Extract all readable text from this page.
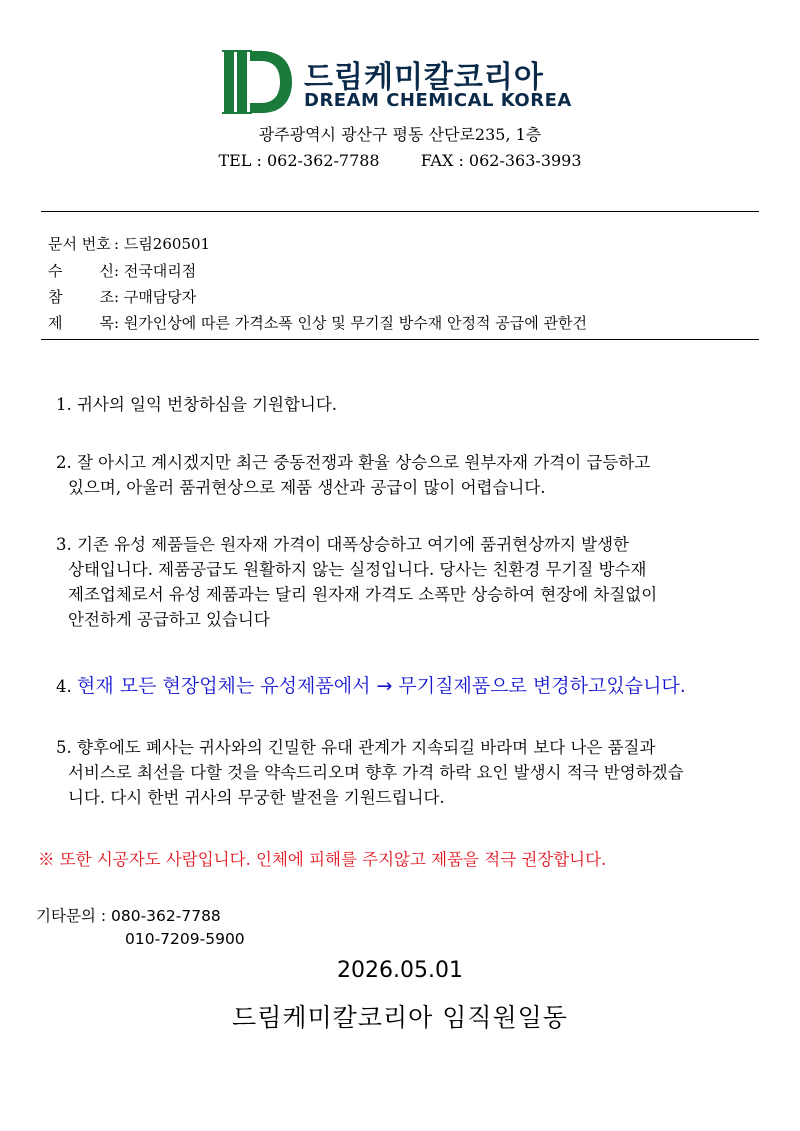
드림케미칼코리아
DREAM CHEMICAL KOREA
광주광역시 광산구 평동 산단로235, 1층
TEL : 062-362-7788	FAX : 062-363-3993
문서 번호 : 드림260501
수 신: 전국대리점
참 조: 구매담당자
제 목: 원가인상에 따른 가격소폭 인상 및 무기질 방수재 안정적 공급에 관한건
1. 귀사의 일익 번창하심을 기원합니다.
2. 잘 아시고 계시겠지만 최근 중동전쟁과 환율 상승으로 원부자재 가격이 급등하고
있으며, 아울러 품귀현상으로 제품 생산과 공급이 많이 어렵습니다.
3. 기존 유성 제품들은 원자재 가격이 대폭상승하고 여기에 품귀현상까지 발생한
상태입니다. 제품공급도 원활하지 않는 실정입니다. 당사는 친환경 무기질 방수재
제조업체로서 유성 제품과는 달리 원자재 가격도 소폭만 상승하여 현장에 차질없이
안전하게 공급하고 있습니다
4. 현재 모든 현장업체는 유성제품에서 → 무기질제품으로 변경하고있습니다.
5. 향후에도 폐사는 귀사와의 긴밀한 유대 관계가 지속되길 바라며 보다 나은 품질과
서비스로 최선을 다할 것을 약속드리오며 향후 가격 하락 요인 발생시 적극 반영하겠습
니다. 다시 한번 귀사의 무궁한 발전을 기원드립니다.
※ 또한 시공자도 사람입니다. 인체에 피해를 주지않고 제품을 적극 권장합니다.
기타문의 : 080-362-7788
010-7209-5900
2026.05.01
드림케미칼코리아 임직원일동
